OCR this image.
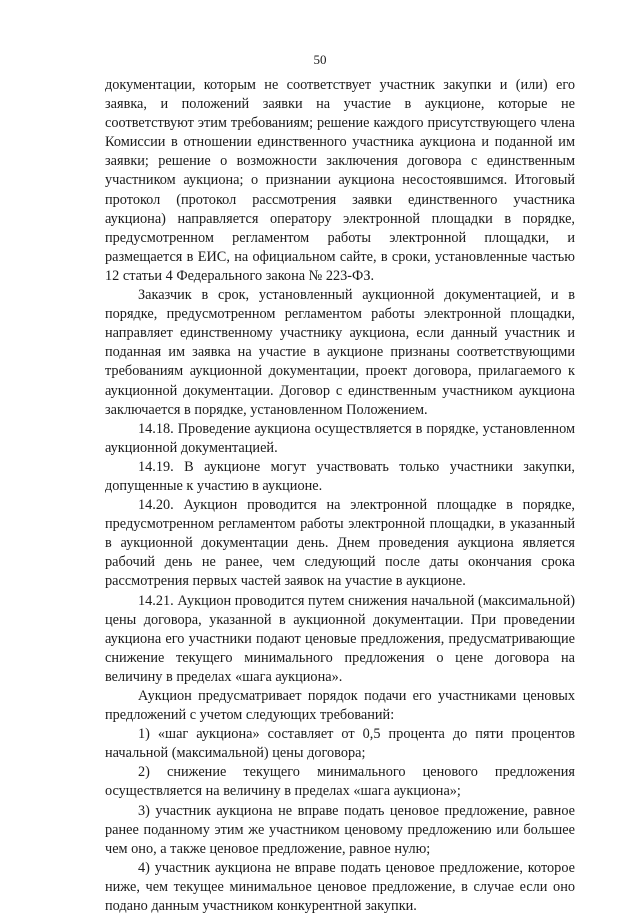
50

документации, которым не соответствует участник закупки и (или) его заявка, и положений заявки на участие в аукционе, которые не соответствуют этим требованиям; решение каждого присутствующего члена Комиссии в отношении единственного участника аукциона и поданной им заявки; решение о возможности заключения договора с единственным участником аукциона; о признании аукциона несостоявшимся. Итоговый протокол (протокол рассмотрения заявки единственного участника аукциона) направляется оператору электронной площадки в порядке, предусмотренном регламентом работы электронной площадки, и размещается в ЕИС, на официальном сайте, в сроки, установленные частью 12 статьи 4 Федерального закона № 223-ФЗ.

Заказчик в срок, установленный аукционной документацией, и в порядке, предусмотренном регламентом работы электронной площадки, направляет единственному участнику аукциона, если данный участник и поданная им заявка на участие в аукционе признаны соответствующими требованиям аукционной документации, проект договора, прилагаемого к аукционной документации. Договор с единственным участником аукциона заключается в порядке, установленном Положением.

14.18. Проведение аукциона осуществляется в порядке, установленном аукционной документацией.

14.19. В аукционе могут участвовать только участники закупки, допущенные к участию в аукционе.

14.20. Аукцион проводится на электронной площадке в порядке, предусмотренном регламентом работы электронной площадки, в указанный в аукционной документации день. Днем проведения аукциона является рабочий день не ранее, чем следующий после даты окончания срока рассмотрения первых частей заявок на участие в аукционе.

14.21. Аукцион проводится путем снижения начальной (максимальной) цены договора, указанной в аукционной документации. При проведении аукциона его участники подают ценовые предложения, предусматривающие снижение текущего минимального предложения о цене договора на величину в пределах «шага аукциона».

Аукцион предусматривает порядок подачи его участниками ценовых предложений с учетом следующих требований:

1) «шаг аукциона» составляет от 0,5 процента до пяти процентов начальной (максимальной) цены договора;

2) снижение текущего минимального ценового предложения осуществляется на величину в пределах «шага аукциона»;

3) участник аукциона не вправе подать ценовое предложение, равное ранее поданному этим же участником ценовому предложению или большее чем оно, а также ценовое предложение, равное нулю;

4) участник аукциона не вправе подать ценовое предложение, которое ниже, чем текущее минимальное ценовое предложение, в случае если оно подано данным участником конкурентной закупки.
